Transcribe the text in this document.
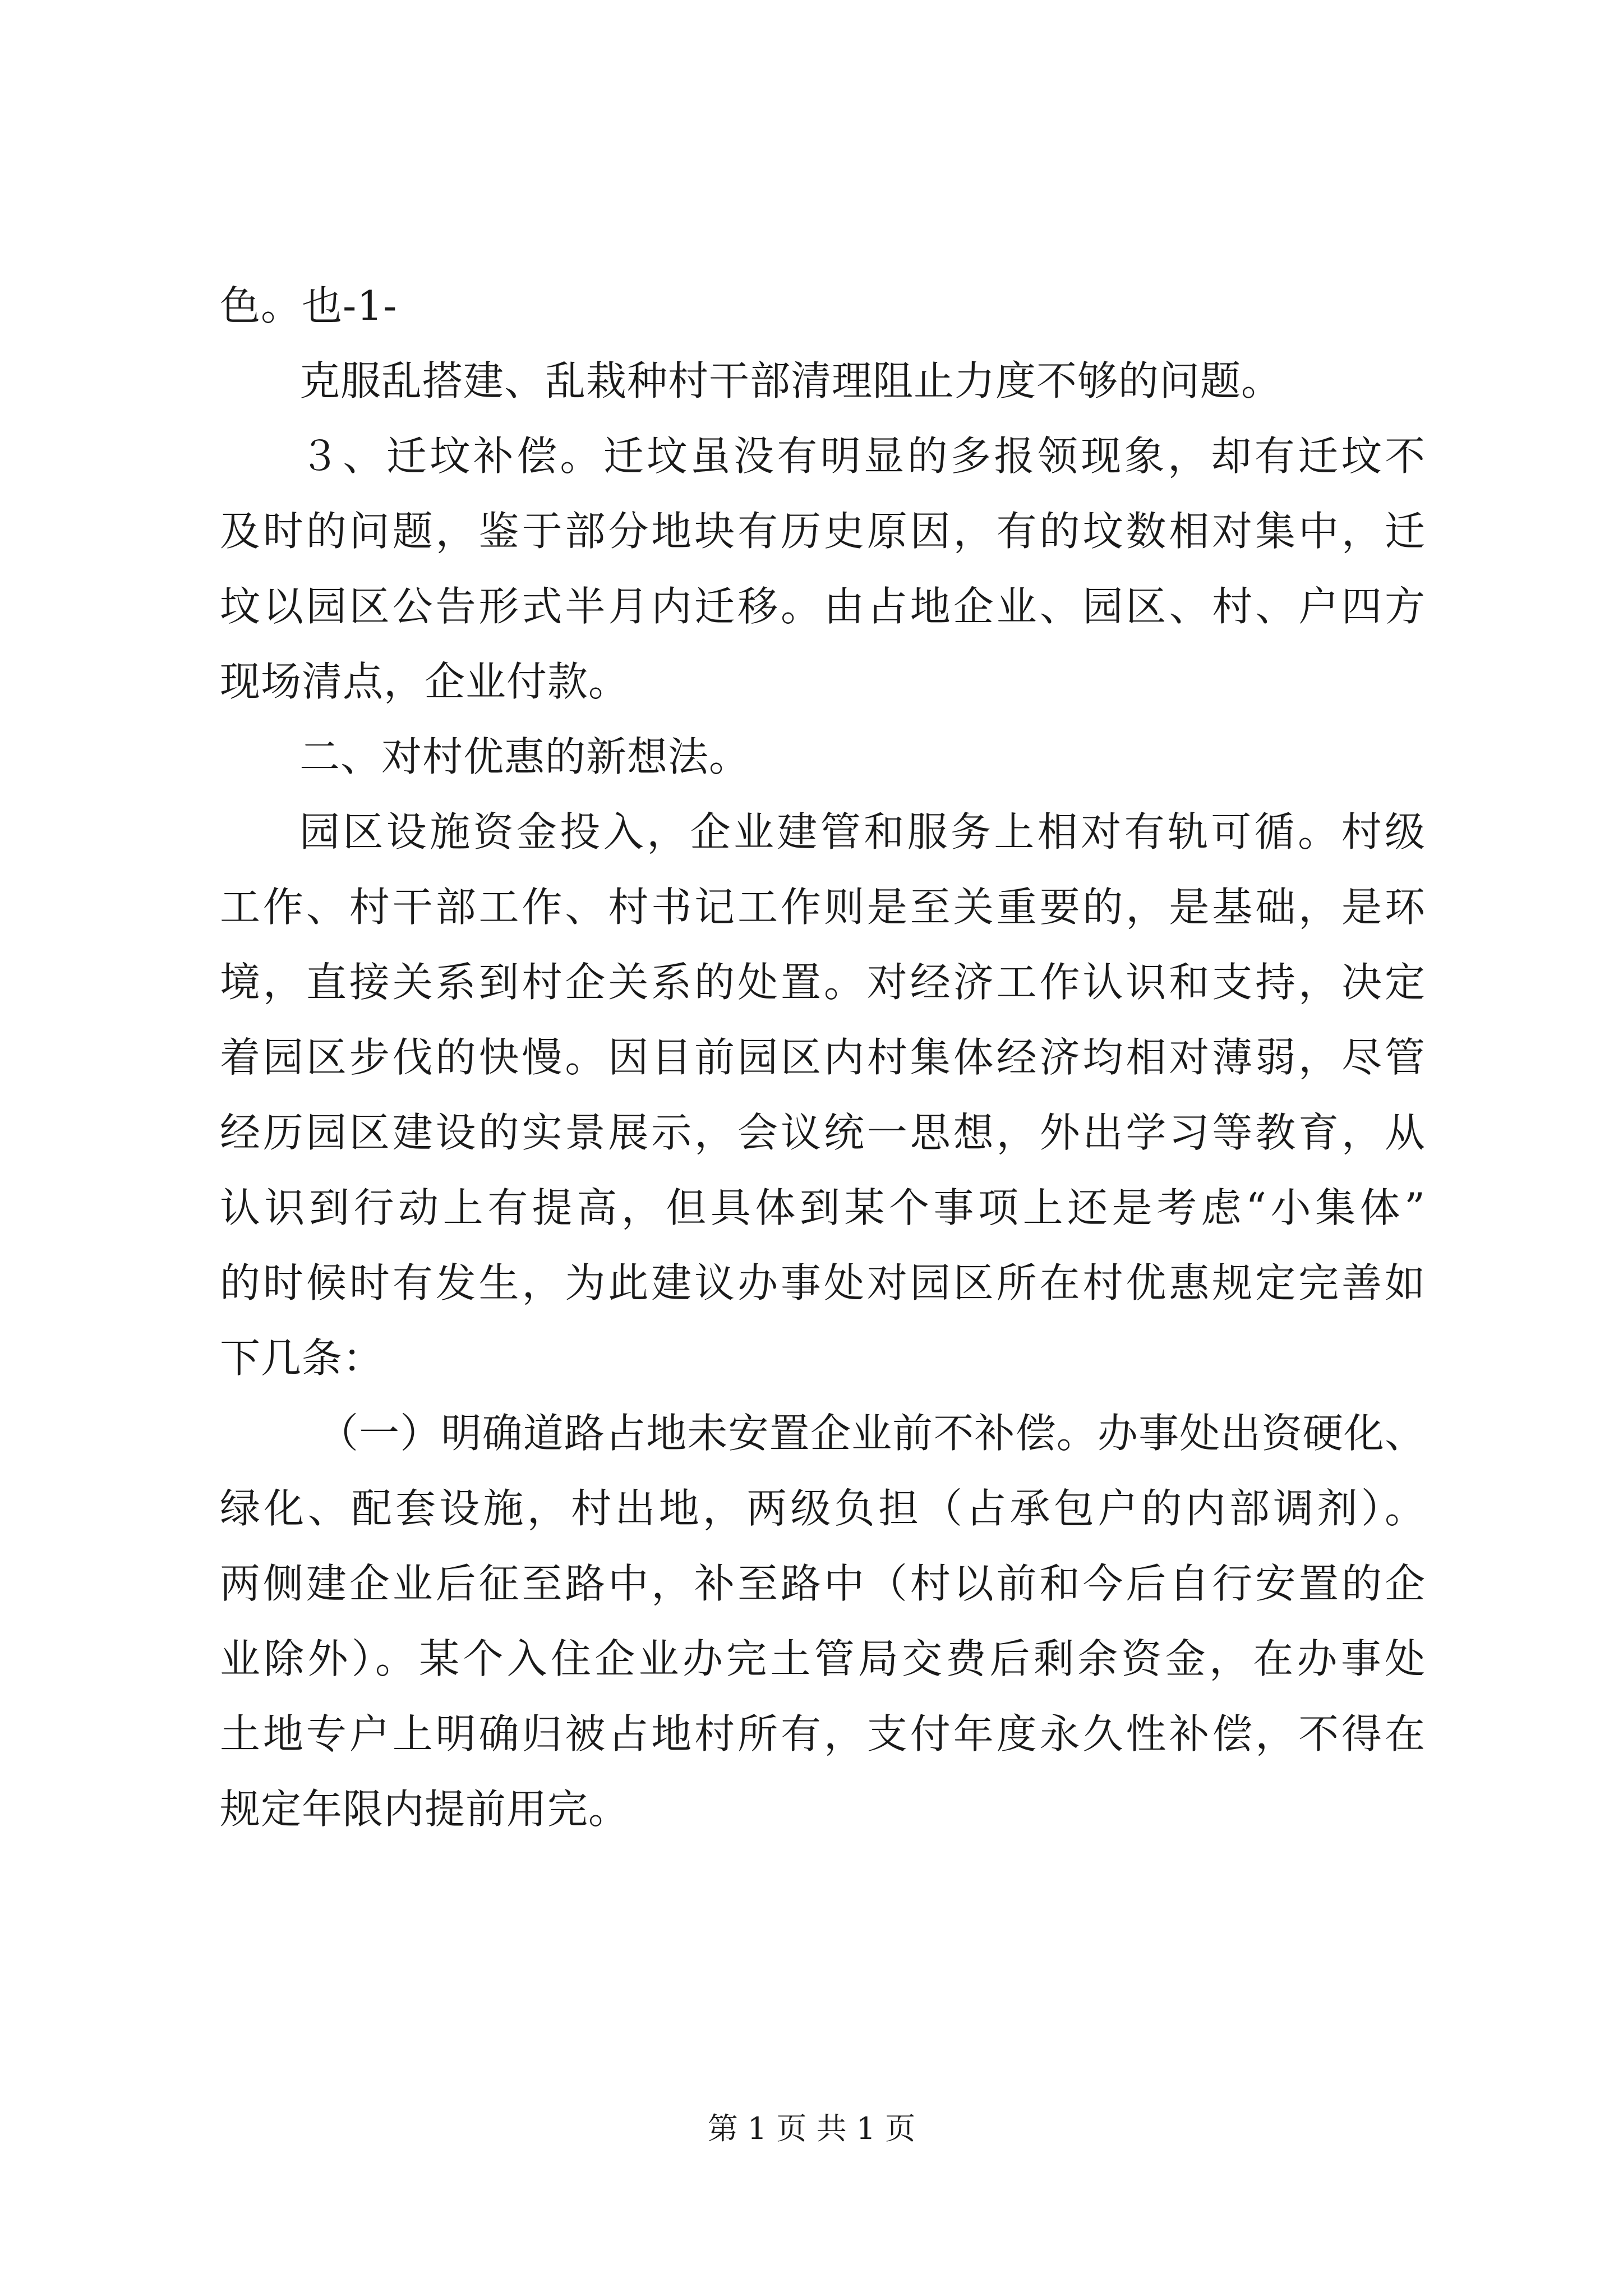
色。也-1-
克服乱搭建、乱栽种村干部清理阻止力度不够的问题。
３、迁坟补偿。迁坟虽没有明显的多报领现象，却有迁坟不
及时的问题，鉴于部分地块有历史原因，有的坟数相对集中，迁
坟以园区公告形式半月内迁移。由占地企业、园区、村、户四方
现场清点，企业付款。
二、对村优惠的新想法。
园区设施资金投入，企业建管和服务上相对有轨可循。村级
工作、村干部工作、村书记工作则是至关重要的，是基础，是环
境，直接关系到村企关系的处置。对经济工作认识和支持，决定
着园区步伐的快慢。因目前园区内村集体经济均相对薄弱，尽管
经历园区建设的实景展示，会议统一思想，外出学习等教育，从
认识到行动上有提高，但具体到某个事项上还是考虑“小集体”
的时候时有发生，为此建议办事处对园区所在村优惠规定完善如
下几条：
（一）明确道路占地未安置企业前不补偿。办事处出资硬化、
绿化、配套设施，村出地，两级负担（占承包户的内部调剂）。
两侧建企业后征至路中，补至路中（村以前和今后自行安置的企
业除外）。某个入住企业办完土管局交费后剩余资金，在办事处
土地专户上明确归被占地村所有，支付年度永久性补偿，不得在
规定年限内提前用完。
第 1 页 共 1 页
